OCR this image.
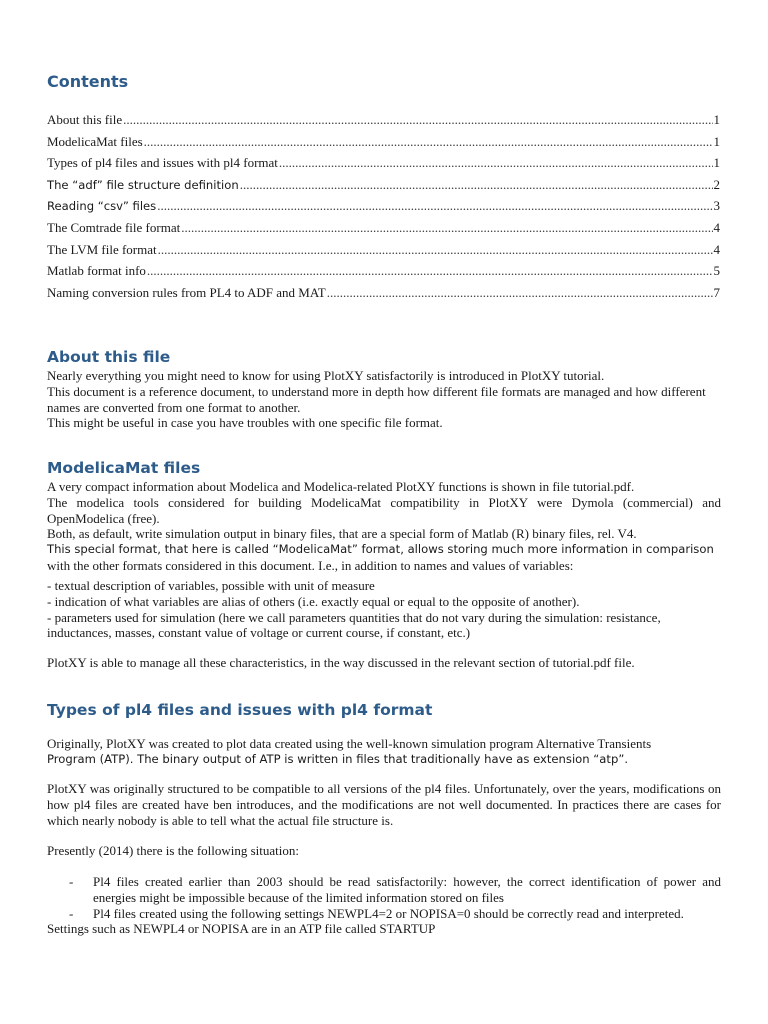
Contents
About this file .....	1
ModelicaMat files .....	1
Types of pl4 files and issues with pl4 format .....	1
The “adf” file structure definition .....	2
Reading “csv” files .....	3
The Comtrade file format .....	4
The LVM file format .....	4
Matlab format info .....	5
Naming conversion rules from PL4 to ADF and MAT .....	7
About this file

Nearly everything you might need to know for using PlotXY satisfactorily is introduced in PlotXY tutorial.

This document is a reference document, to understand more in depth how different file formats are managed and how different names are converted from one format to another.

This might be useful in case you have troubles with one specific file format.

ModelicaMat files

A very compact information about Modelica and Modelica-related PlotXY functions is shown in file tutorial.pdf.

The modelica tools considered for building ModelicaMat compatibility in PlotXY were Dymola (commercial) and OpenModelica (free).

Both, as default, write simulation output in binary files, that are a special form of Matlab (R) binary files, rel. V4.

This special format, that here is called “ModelicaMat” format, allows storing much more information in comparison

with the other formats considered in this document. I.e., in addition to names and values of variables:

- textual description of variables, possible with unit of measure

- indication of what variables are alias of others (i.e. exactly equal or equal to the opposite of another).

- parameters used for simulation (here we call parameters quantities that do not vary during the simulation: resistance, inductances, masses, constant value of voltage or current course, if constant, etc.)

PlotXY is able to manage all these characteristics, in the way discussed in the relevant section of tutorial.pdf file.

Types of pl4 files and issues with pl4 format

Originally, PlotXY was created to plot data created using the well-known simulation program Alternative Transients

Program (ATP). The binary output of ATP is written in files that traditionally have as extension “atp”.

PlotXY was originally structured to be compatible to all versions of the pl4 files. Unfortunately, over the years, modifications on how pl4 files are created have ben introduces, and the modifications are not well documented. In practices there are cases for which nearly nobody is able to tell what the actual file structure is.

Presently (2014) there is the following situation:

- Pl4 files created earlier than 2003 should be read satisfactorily: however, the correct identification of power and energies might be impossible because of the limited information stored on files
- Pl4 files created using the following settings NEWPL4=2 or NOPISA=0 should be correctly read and interpreted.

Settings such as NEWPL4 or NOPISA are in an ATP file called STARTUP
